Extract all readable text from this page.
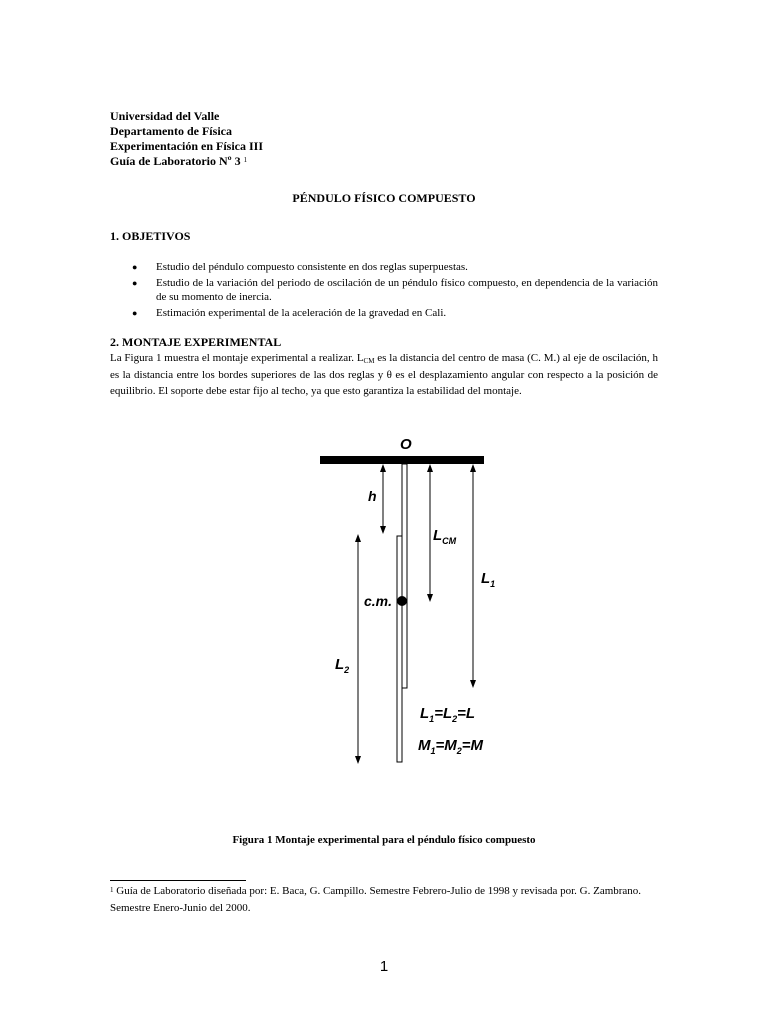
Universidad del Valle
Departamento de Física
Experimentación en Física III
Guía de Laboratorio Nº 3 $^1$
PÉNDULO FÍSICO COMPUESTO
1. OBJETIVOS
● Estudio del péndulo compuesto consistente en dos reglas superpuestas.
● Estudio de la variación del periodo de oscilación de un péndulo físico compuesto, en dependencia de la variación de su momento de inercia.
● Estimación experimental de la aceleración de la gravedad en Cali.
2. MONTAJE EXPERIMENTAL
La Figura 1 muestra el montaje experimental a realizar. LCM es la distancia del centro de masa (C. M.) al eje de oscilación, h es la distancia entre los bordes superiores de las dos reglas y θ es el desplazamiento angular con respecto a la posición de equilibrio. El soporte debe estar fijo al techo, ya que esto garantiza la estabilidad del montaje.
O
h
$L_{CM}$
$L_1$
c.m.
$L_2$
$L_1=L_2=L$
$M_1=M_2=M$
Figura 1 Montaje experimental para el péndulo físico compuesto
$^1$ Guía de Laboratorio diseñada por: E. Baca, G. Campillo. Semestre Febrero-Julio de 1998 y revisada por. G. Zambrano. Semestre Enero-Junio del 2000.
1
